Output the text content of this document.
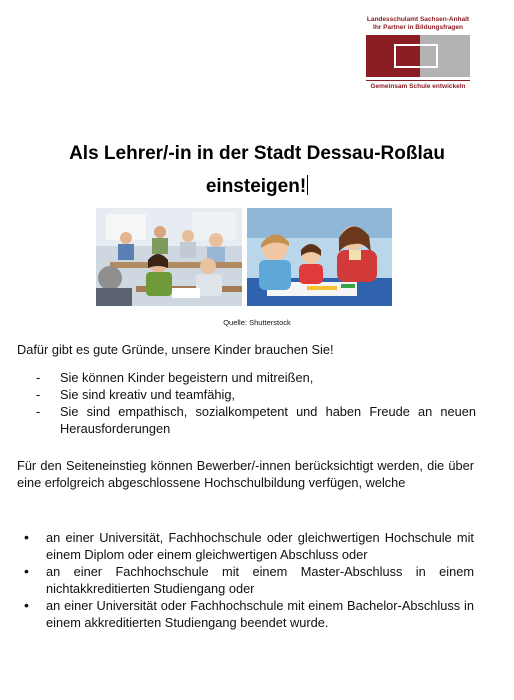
Landesschulamt Sachsen-Anhalt
Ihr Partner in Bildungsfragen
Gemeinsam Schule entwickeln
Als Lehrer/-in in der Stadt Dessau-Roßlau
einsteigen!
Quelle: Shutterstock
Dafür gibt es gute Gründe, unsere Kinder brauchen Sie!
- Sie können Kinder begeistern und mitreißen,
- Sie sind kreativ und teamfähig,
- Sie sind empathisch, sozialkompetent und haben Freude an neuen Herausforderungen
Für den Seiteneinstieg können Bewerber/-innen berücksichtigt werden, die über eine erfolgreich abgeschlossene Hochschulbildung verfügen, welche
• an einer Universität, Fachhochschule oder gleichwertigen Hochschule mit einem Diplom oder einem gleichwertigen Abschluss oder
• an einer Fachhochschule mit einem Master-Abschluss in einem nichtakkreditierten Studiengang oder
• an einer Universität oder Fachhochschule mit einem Bachelor-Abschluss in einem akkreditierten Studiengang beendet wurde.
